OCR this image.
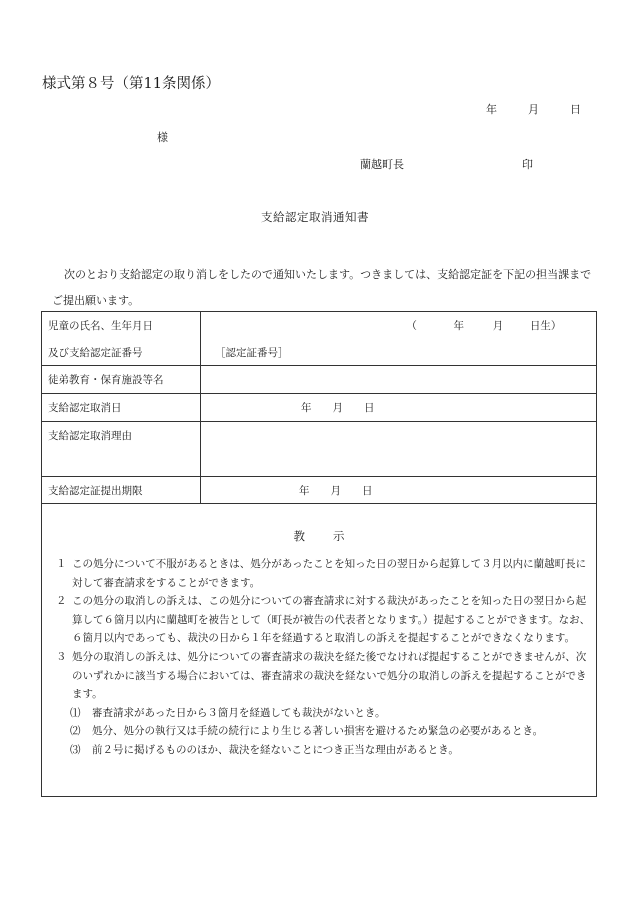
様式第８号（第11条関係）
年	月	日
様
蘭越町長	印
支給認定取消通知書
次のとおり支給認定の取り消しをしたので通知いたします。つきましては、支給認定証を下記の担当課までご提出願います。
児童の氏名、生年月日	（ 年 月 日生）
及び支給認定証番号	［認定証番号］
徒弟教育・保育施設等名	
支給認定取消日	年　　月　　日
支給認定取消理由	
支給認定証提出期限	年　　月　　日
教 示
１ この処分について不服があるときは、処分があったことを知った日の翌日から起算して３月以内に蘭越町長に対して審査請求をすることができます。
２ この処分の取消しの訴えは、この処分についての審査請求に対する裁決があったことを知った日の翌日から起算して６箇月以内に蘭越町を被告として（町長が被告の代表者となります。）提起することができます。なお、６箇月以内であっても、裁決の日から１年を経過すると取消しの訴えを提起することができなくなります。
３ 処分の取消しの訴えは、処分についての審査請求の裁決を経た後でなければ提起することができませんが、次のいずれかに該当する場合においては、審査請求の裁決を経ないで処分の取消しの訴えを提起することができます。
⑴ 審査請求があった日から３箇月を経過しても裁決がないとき。
⑵ 処分、処分の執行又は手続の続行により生じる著しい損害を避けるため緊急の必要があるとき。
⑶ 前２号に掲げるもののほか、裁決を経ないことにつき正当な理由があるとき。
